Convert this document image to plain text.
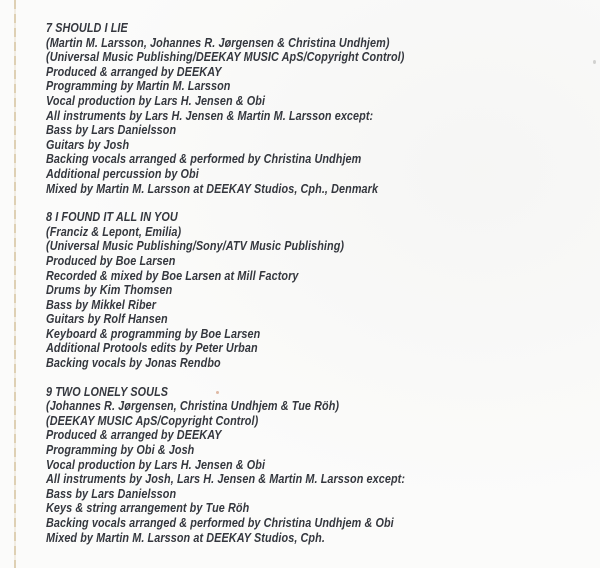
7 SHOULD I LIE
(Martin M. Larsson, Johannes R. Jørgensen & Christina Undhjem)
(Universal Music Publishing/DEEKAY MUSIC ApS/Copyright Control)
Produced & arranged by DEEKAY
Programming by Martin M. Larsson
Vocal production by Lars H. Jensen & Obi
All instruments by Lars H. Jensen & Martin M. Larsson except:
Bass by Lars Danielsson
Guitars by Josh
Backing vocals arranged & performed by Christina Undhjem
Additional percussion by Obi
Mixed by Martin M. Larsson at DEEKAY Studios, Cph., Denmark
8 I FOUND IT ALL IN YOU
(Franciz & Lepont, Emilia)
(Universal Music Publishing/Sony/ATV Music Publishing)
Produced by Boe Larsen
Recorded & mixed by Boe Larsen at Mill Factory
Drums by Kim Thomsen
Bass by Mikkel Riber
Guitars by Rolf Hansen
Keyboard & programming by Boe Larsen
Additional Protools edits by Peter Urban
Backing vocals by Jonas Rendbo
9 TWO LONELY SOULS
(Johannes R. Jørgensen, Christina Undhjem & Tue Röh)
(DEEKAY MUSIC ApS/Copyright Control)
Produced & arranged by DEEKAY
Programming by Obi & Josh
Vocal production by Lars H. Jensen & Obi
All instruments by Josh, Lars H. Jensen & Martin M. Larsson except:
Bass by Lars Danielsson
Keys & string arrangement by Tue Röh
Backing vocals arranged & performed by Christina Undhjem & Obi
Mixed by Martin M. Larsson at DEEKAY Studios, Cph.
